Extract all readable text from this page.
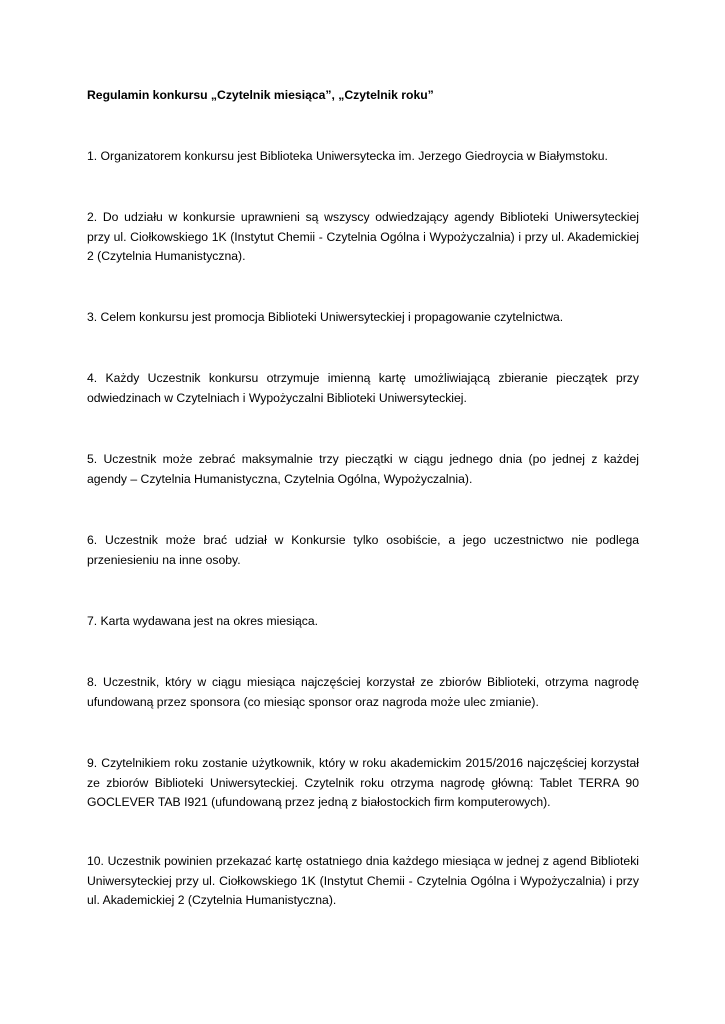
Regulamin konkursu „Czytelnik miesiąca”, „Czytelnik roku”
1. Organizatorem konkursu jest Biblioteka Uniwersytecka im. Jerzego Giedroycia w Białymstoku.
2. Do udziału w konkursie uprawnieni są wszyscy odwiedzający agendy Biblioteki Uniwersyteckiej przy ul. Ciołkowskiego 1K (Instytut Chemii - Czytelnia Ogólna i Wypożyczalnia) i przy ul. Akademickiej 2 (Czytelnia Humanistyczna).
3. Celem konkursu jest promocja Biblioteki Uniwersyteckiej i propagowanie czytelnictwa.
4. Każdy Uczestnik konkursu otrzymuje imienną kartę umożliwiającą zbieranie pieczątek przy odwiedzinach w Czytelniach i Wypożyczalni Biblioteki Uniwersyteckiej.
5. Uczestnik może zebrać maksymalnie trzy pieczątki w ciągu jednego dnia (po jednej z każdej agendy – Czytelnia Humanistyczna, Czytelnia Ogólna, Wypożyczalnia).
6. Uczestnik może brać udział w Konkursie tylko osobiście, a jego uczestnictwo nie podlega przeniesieniu na inne osoby.
7. Karta wydawana jest na okres miesiąca.
8. Uczestnik, który w ciągu miesiąca najczęściej korzystał ze zbiorów Biblioteki, otrzyma nagrodę ufundowaną przez sponsora (co miesiąc sponsor oraz nagroda może ulec zmianie).
9. Czytelnikiem roku zostanie użytkownik, który w roku akademickim 2015/2016 najczęściej korzystał ze zbiorów Biblioteki Uniwersyteckiej. Czytelnik roku otrzyma nagrodę główną: Tablet TERRA 90 GOCLEVER TAB I921 (ufundowaną przez jedną z białostockich firm komputerowych).
10. Uczestnik powinien przekazać kartę ostatniego dnia każdego miesiąca w jednej z agend Biblioteki Uniwersyteckiej przy ul. Ciołkowskiego 1K (Instytut Chemii - Czytelnia Ogólna i Wypożyczalnia) i przy ul. Akademickiej 2 (Czytelnia Humanistyczna).
